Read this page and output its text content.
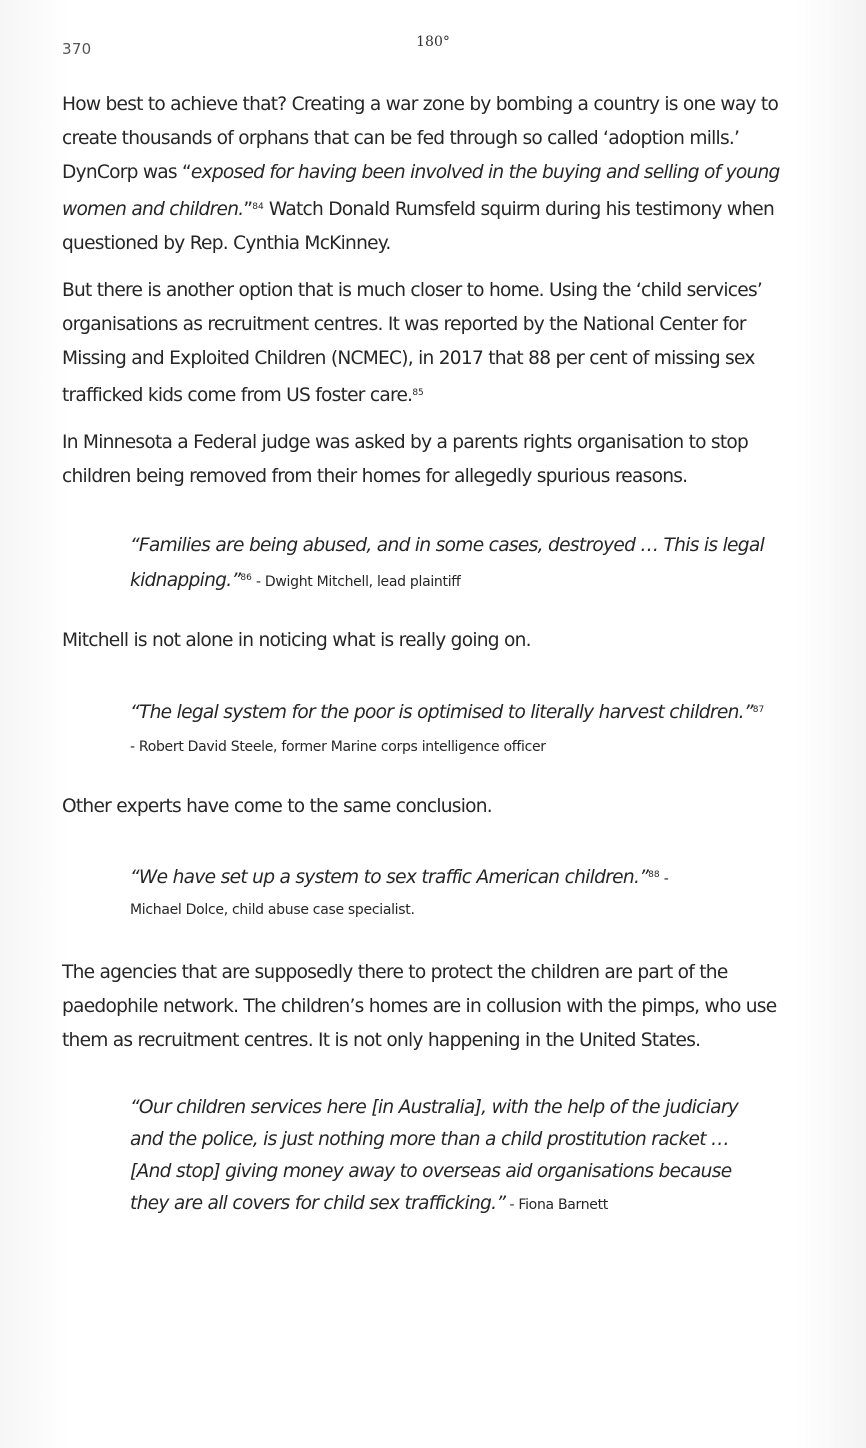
370	180°

How best to achieve that? Creating a war zone by bombing a country is one way to create thousands of orphans that can be fed through so called ‘adoption mills.’ DynCorp was “exposed for having been involved in the buying and selling of young women and children.”$^{84}$ Watch Donald Rumsfeld squirm during his testimony when questioned by Rep. Cynthia McKinney.

But there is another option that is much closer to home. Using the ‘child services’ organisations as recruitment centres. It was reported by the National Center for Missing and Exploited Children (NCMEC), in 2017 that 88 per cent of missing sex trafficked kids come from US foster care.$^{85}$

In Minnesota a Federal judge was asked by a parents rights organisation to stop children being removed from their homes for allegedly spurious reasons.

“Families are being abused, and in some cases, destroyed … This is legal kidnapping.”$^{86}$ - Dwight Mitchell, lead plaintiff

Mitchell is not alone in noticing what is really going on.

“The legal system for the poor is optimised to literally harvest children.”$^{87}$ - Robert David Steele, former Marine corps intelligence officer

Other experts have come to the same conclusion.

“We have set up a system to sex traffic American children.”$^{88}$ -
Michael Dolce, child abuse case specialist.

The agencies that are supposedly there to protect the children are part of the paedophile network. The children’s homes are in collusion with the pimps, who use them as recruitment centres. It is not only happening in the United States.

“Our children services here [in Australia], with the help of the judiciary and the police, is just nothing more than a child prostitution racket … [And stop] giving money away to overseas aid organisations because they are all covers for child sex trafficking.” - Fiona Barnett
